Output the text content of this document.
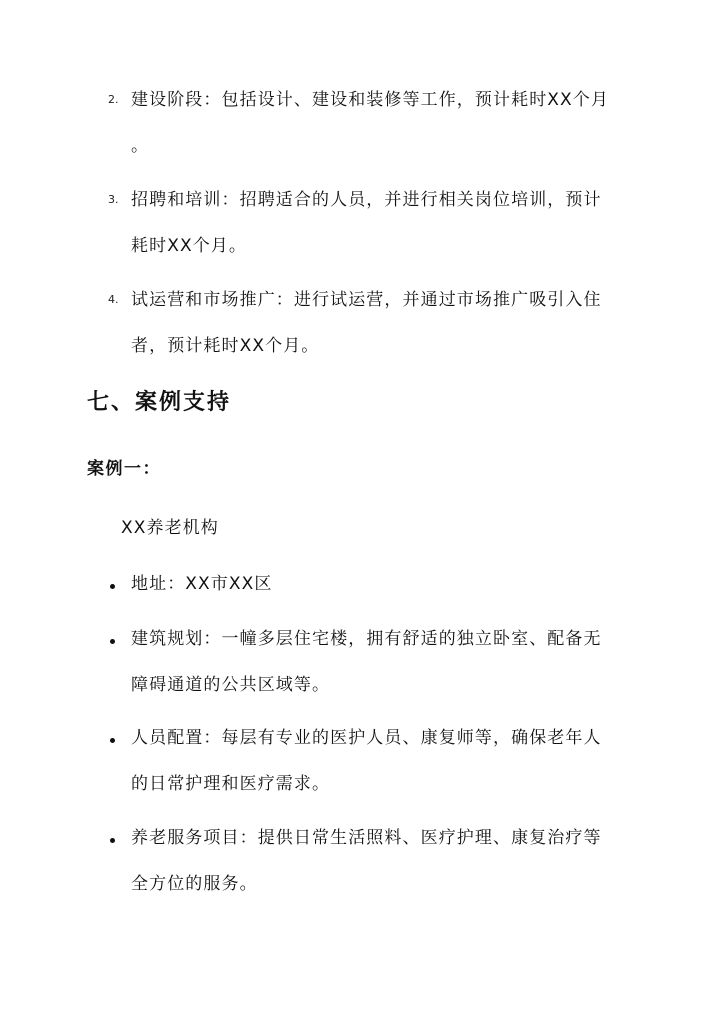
2. 建设阶段：包括设计、建设和装修等工作，预计耗时XX个月
。
3. 招聘和培训：招聘适合的人员，并进行相关岗位培训，预计
耗时XX个月。
4. 试运营和市场推广：进行试运营，并通过市场推广吸引入住
者，预计耗时XX个月。
七、案例支持
案例一：
XX养老机构
地址：XX市XX区
建筑规划：一幢多层住宅楼，拥有舒适的独立卧室、配备无
障碍通道的公共区域等。
人员配置：每层有专业的医护人员、康复师等，确保老年人
的日常护理和医疗需求。
养老服务项目：提供日常生活照料、医疗护理、康复治疗等
全方位的服务。
